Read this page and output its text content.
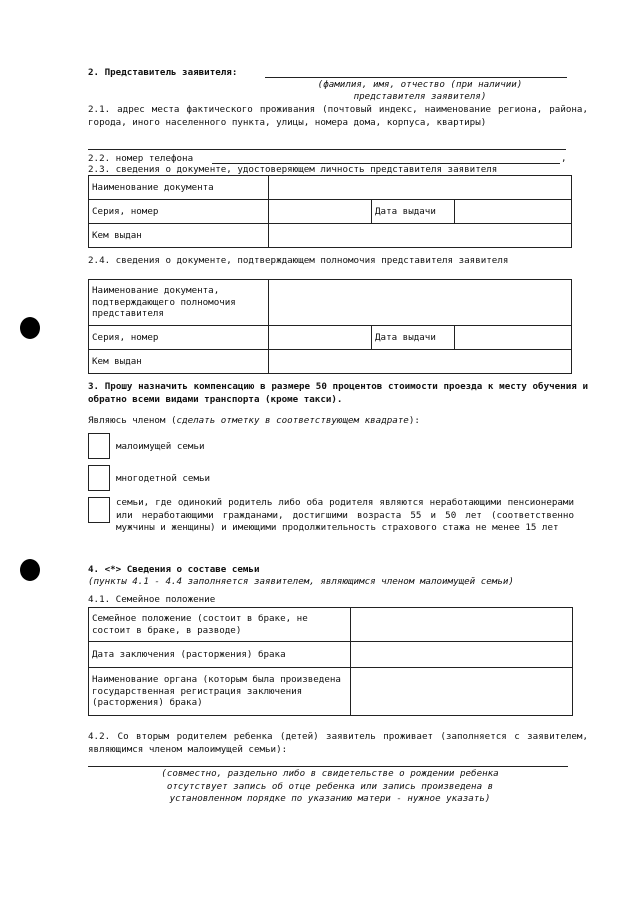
2. Представитель заявителя:
(фамилия, имя, отчество (при наличии)
представителя заявителя)
2.1. адрес места фактического проживания (почтовый индекс, наименование региона, района, города, иного населенного пункта, улицы, номера дома, корпуса, квартиры)
2.2. номер телефона	,
2.3. сведения о документе, удостоверяющем личность представителя заявителя
Наименование документа			
Серия, номер		Дата выдачи	
Кем выдан			
2.4. сведения о документе, подтверждающем полномочия представителя заявителя
Наименование документа, подтверждающего полномочия представителя			
Серия, номер		Дата выдачи	
Кем выдан			
3. Прошу назначить компенсацию в размере 50 процентов стоимости проезда к месту обучения и обратно всеми видами транспорта (кроме такси).
Являюсь членом (сделать отметку в соответствующем квадрате):
малоимущей семьи
многодетной семьи
семьи, где одинокий родитель либо оба родителя являются неработающими пенсионерами или неработающими гражданами, достигшими возраста 55 и 50 лет (соответственно мужчины и женщины) и имеющими продолжительность страхового стажа не менее 15 лет
4. <*> Сведения о составе семьи
(пункты 4.1 - 4.4 заполняется заявителем, являющимся членом малоимущей семьи)
4.1. Семейное положение
Семейное положение (состоит в браке, не состоит в браке, в разводе)	
Дата заключения (расторжения) брака	
Наименование органа (которым была произведена государственная регистрация заключения (расторжения) брака)	
4.2. Со вторым родителем ребенка (детей) заявитель проживает (заполняется с заявителем, являющимся членом малоимущей семьи):
(совместно, раздельно либо в свидетельстве о рождении ребенка отсутствует запись об отце ребенка или запись произведена в установленном порядке по указанию матери - нужное указать)
